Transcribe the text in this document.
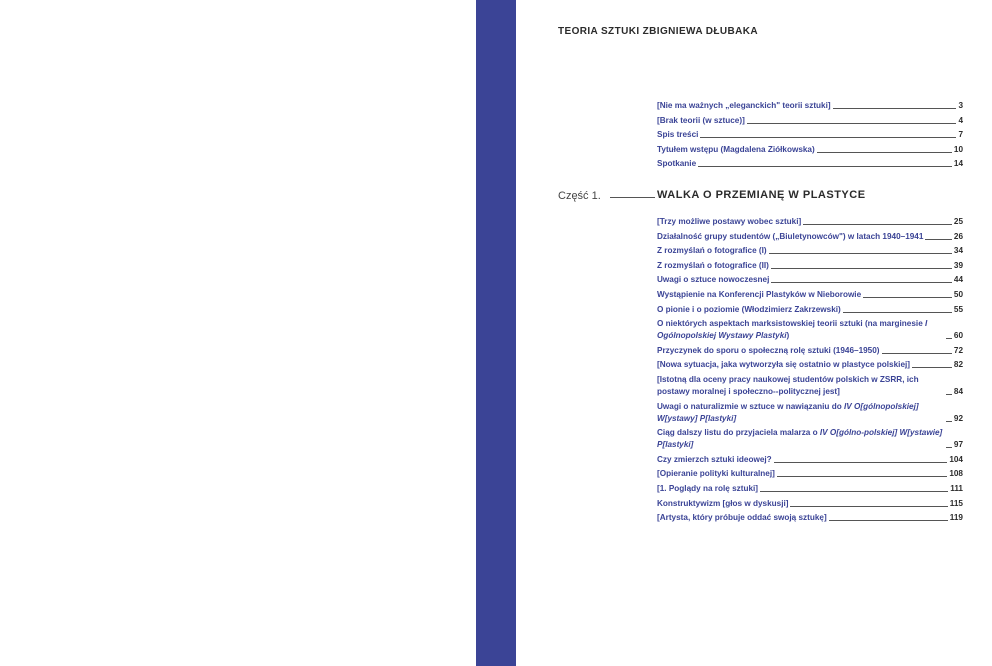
TEORIA SZTUKI ZBIGNIEWA DŁUBAKA
[Nie ma ważnych „eleganckich" teorii sztuki]	3
[Brak teorii (w sztuce)]	4
Spis treści	7
Tytułem wstępu (Magdalena Ziółkowska)	10
Spotkanie	14
Część 1.	WALKA O PRZEMIANĘ W PLASTYCE
[Trzy możliwe postawy wobec sztuki]	25
Działalność grupy studentów („Biuletynowców") w latach 1940–1941	26
Z rozmyślań o fotografice (I)	34
Z rozmyślań o fotografice (II)	39
Uwagi o sztuce nowoczesnej	44
Wystąpienie na Konferencji Plastyków w Nieborowie	50
O pionie i o poziomie (Włodzimierz Zakrzewski)	55
O niektórych aspektach marksistowskiej teorii sztuki (na marginesie I Ogólnopolskiej Wystawy Plastyki)	60
Przyczynek do sporu o społeczną rolę sztuki (1946–1950)	72
[Nowa sytuacja, jaka wytworzyła się ostatnio w plastyce polskiej]	82
[Istotną dla oceny pracy naukowej studentów polskich w ZSRR, ich postawy moralnej i społeczno--politycznej jest]	84
Uwagi o naturalizmie w sztuce w nawiązaniu do IV O[gólnopolskiej] W[ystawy] P[lastyki]	92
Ciąg dalszy listu do przyjaciela malarza o IV O[gólno-polskiej] W[ystawie] P[lastyki]	97
Czy zmierzch sztuki ideowej?	104
[Opieranie polityki kulturalnej]	108
[1. Poglądy na rolę sztuki]	111
Konstruktywizm [głos w dyskusji]	115
[Artysta, który próbuje oddać swoją sztukę]	119
